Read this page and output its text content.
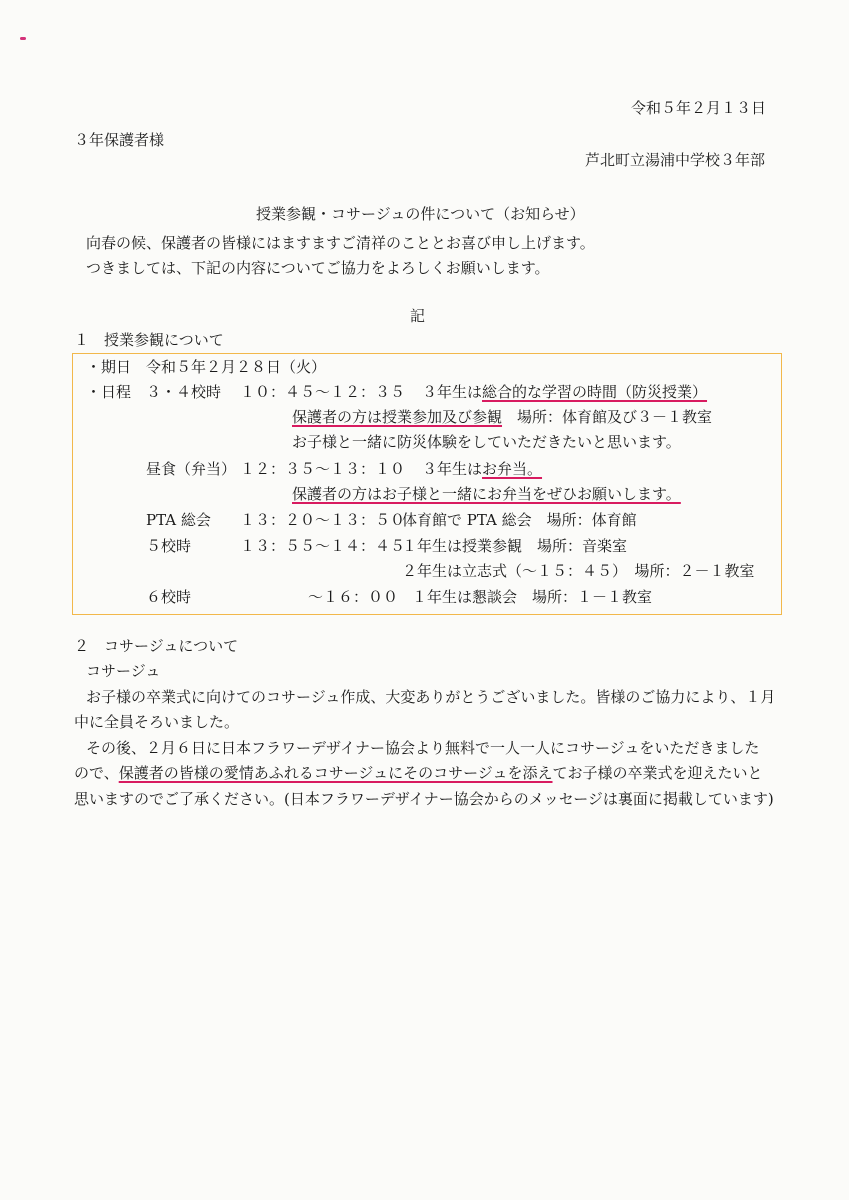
令和５年２月１３日
３年保護者様
芦北町立湯浦中学校３年部
授業参観・コサージュの件について（お知らせ）
向春の候、保護者の皆様にはますますご清祥のこととお喜び申し上げます。
つきましては、下記の内容についてご協力をよろしくお願いします。
記
１　授業参観について
・期日 令和５年２月２８日（火）
・日程 ３・４校時 １０：４５～１２：３５ ３年生は総合的な学習の時間（防災授業）
保護者の方は授業参加及び参観　 場所：体育館及び３－１教室
お子様と一緒に防災体験をしていただきたいと思います。
昼食（弁当） １２：３５～１３：１０ ３年生はお弁当。
保護者の方はお子様と一緒にお弁当をぜひお願いします。
PTA 総会 １３：２０～１３：５０
体育館で PTA 総会　場所：体育館
５校時	１３：５５～１４：４５
１年生は授業参観　場所：音楽室
２年生は立志式（～１５：４５）　場所：２－１教室
６校時	～１６：００ １年生は懇談会　場所：１－１教室
２　コサージュについて
コサージュ
お子様の卒業式に向けてのコサージュ作成、大変ありがとうございました。皆様のご協力により、１月
中に全員そろいました。
その後、２月６日に日本フラワーデザイナー協会より無料で一人一人にコサージュをいただきました
ので、保護者の皆様の愛情あふれるコサージュにそのコサージュを添えてお子様の卒業式を迎えたいと
思いますのでご了承ください。(日本フラワーデザイナー協会からのメッセージは裏面に掲載しています)
